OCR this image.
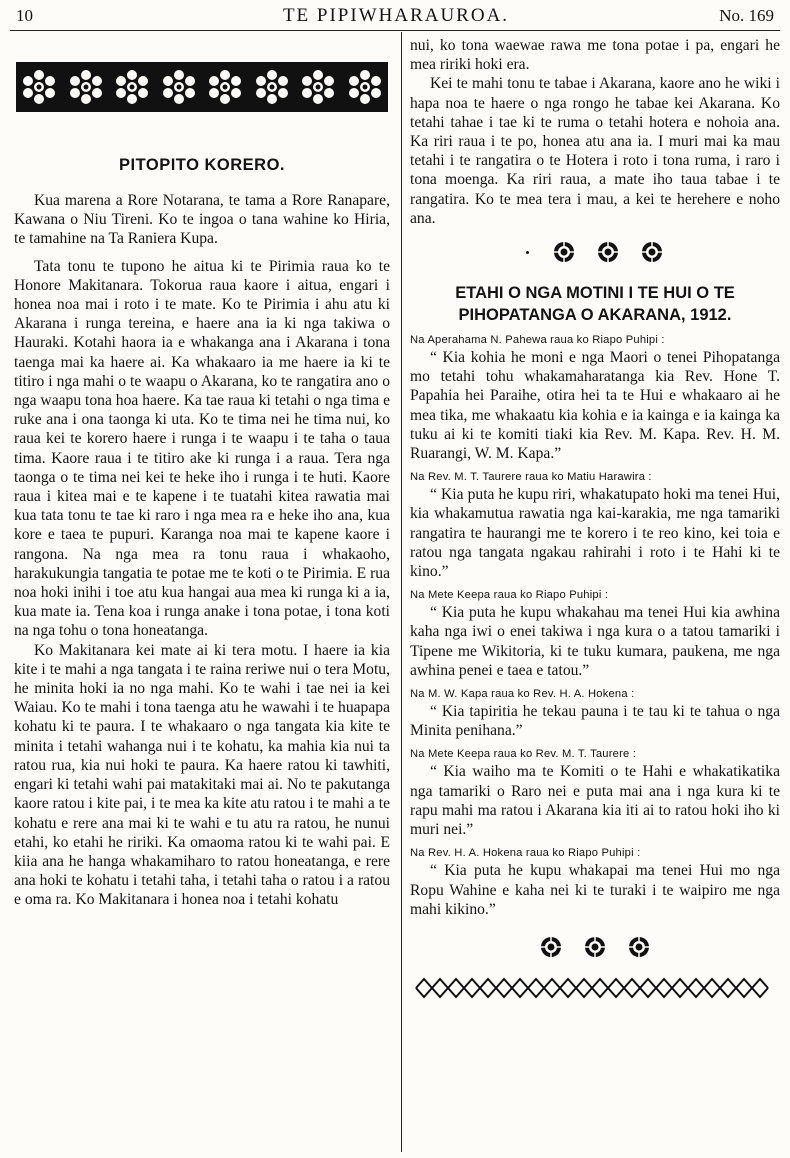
10	TE PIPIWHARAUROA.	No. 169
PITOPITO KORERO.

Kua marena a Rore Notarana, te tama a Rore Ranapare, Kawana o Niu Tireni. Ko te ingoa o tana wahine ko Hiria, te tamahine na Ta Raniera Kupa.

Tata tonu te tupono he aitua ki te Pirimia raua ko te Honore Makitanara. Tokorua raua kaore i aitua, engari i honea noa mai i roto i te mate. Ko te Pirimia i ahu atu ki Akarana i runga tereina, e haere ana ia ki nga takiwa o Hauraki. Kotahi haora ia e whakanga ana i Akarana i tona taenga mai ka haere ai. Ka whakaaro ia me haere ia ki te titiro i nga mahi o te waapu o Akarana, ko te rangatira ano o nga waapu tona hoa haere. Ka tae raua ki tetahi o nga tima e ruke ana i ona taonga ki uta. Ko te tima nei he tima nui, ko raua kei te korero haere i runga i te waapu i te taha o taua tima. Kaore raua i te titiro ake ki runga i a raua. Tera nga taonga o te tima nei kei te heke iho i runga i te huti. Kaore raua i kitea mai e te kapene i te tuatahi kitea rawatia mai kua tata tonu te tae ki raro i nga mea ra e heke iho ana, kua kore e taea te pupuri. Karanga noa mai te kapene kaore i rangona. Na nga mea ra tonu raua i whakaoho, harakukungia tangatia te potae me te koti o te Pirimia. E rua noa hoki inihi i toe atu kua hangai aua mea ki runga ki a ia, kua mate ia. Tena koa i runga anake i tona potae, i tona koti na nga tohu o tona honeatanga.

Ko Makitanara kei mate ai ki tera motu. I haere ia kia kite i te mahi a nga tangata i te raina reriwe nui o tera Motu, he minita hoki ia no nga mahi. Ko te wahi i tae nei ia kei Waiau. Ko te mahi i tona taenga atu he wawahi i te huapapa kohatu ki te paura. I te whakaaro o nga tangata kia kite te minita i tetahi wahanga nui i te kohatu, ka mahia kia nui ta ratou rua, kia nui hoki te paura. Ka haere ratou ki tawhiti, engari ki tetahi wahi pai matakitaki mai ai. No te pakutanga kaore ratou i kite pai, i te mea ka kite atu ratou i te mahi a te kohatu e rere ana mai ki te wahi e tu atu ra ratou, he nunui etahi, ko etahi he ririki. Ka omaoma ratou ki te wahi pai. E kiia ana he hanga whakamiharo to ratou honeatanga, e rere ana hoki te kohatu i tetahi taha, i tetahi taha o ratou i a ratou e oma ra. Ko Makitanara i honea noa i tetahi kohatu

nui, ko tona waewae rawa me tona potae i pa, engari he mea ririki hoki era.

Kei te mahi tonu te tabae i Akarana, kaore ano he wiki i hapa noa te haere o nga rongo he tabae kei Akarana. Ko tetahi tahae i tae ki te ruma o tetahi hotera e nohoia ana. Ka riri raua i te po, honea atu ana ia. I muri mai ka mau tetahi i te rangatira o te Hotera i roto i tona ruma, i raro i tona moenga. Ka riri raua, a mate iho taua tabae i te rangatira. Ko te mea tera i mau, a kei te herehere e noho ana.

ETAHI O NGA MOTINI I TE HUI O TE PIHOPATANGA O AKARANA, 1912.
Na Aperahama N. Pahewa raua ko Riapo Puhipi :

“ Kia kohia he moni e nga Maori o tenei Pihopatanga mo tetahi tohu whakamaharatanga kia Rev. Hone T. Papahia hei Paraihe, otira hei ta te Hui e whakaaro ai he mea tika, me whakaatu kia kohia e ia kainga e ia kainga ka tuku ai ki te komiti tiaki kia Rev. M. Kapa. Rev. H. M. Ruarangi, W. M. Kapa.”

Na Rev. M. T. Taurere raua ko Matiu Harawira :

“ Kia puta he kupu riri, whakatupato hoki ma tenei Hui, kia whakamutua rawatia nga kai-karakia, me nga tamariki rangatira te haurangi me te korero i te reo kino, kei toia e ratou nga tangata ngakau rahirahi i roto i te Hahi ki te kino.”

Na Mete Keepa raua ko Riapo Puhipi :

“ Kia puta he kupu whakahau ma tenei Hui kia awhina kaha nga iwi o enei takiwa i nga kura o a tatou tamariki i Tipene me Wikitoria, ki te tuku kumara, paukena, me nga awhina penei e taea e tatou.”

Na M. W. Kapa raua ko Rev. H. A. Hokena :

“ Kia tapiritia he tekau pauna i te tau ki te tahua o nga Minita penihana.”

Na Mete Keepa raua ko Rev. M. T. Taurere :

“ Kia waiho ma te Komiti o te Hahi e whakatikatika nga tamariki o Raro nei e puta mai ana i nga kura ki te rapu mahi ma ratou i Akarana kia iti ai to ratou hoki iho ki muri nei.”

Na Rev. H. A. Hokena raua ko Riapo Puhipi :

“ Kia puta he kupu whakapai ma tenei Hui mo nga Ropu Wahine e kaha nei ki te turaki i te waipiro me nga mahi kikino.”
